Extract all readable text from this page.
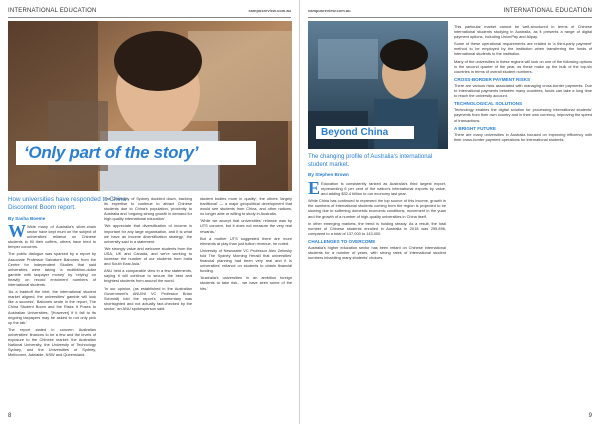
INTERNATIONAL EDUCATION	campusreview.com.au
‘Only part of the story’
How universities have responded to China Discontent Boom report.
By Sasha Boeme

W Wide many of Australia's silver-chain sector have kept mum on the subject of universities' reliance on Chinese students to fill their coffers, others have tried to temper concerns.

The public dialogue was sparked by a report by Associate Professor Salvatore Babones from the Centre for Independent Studies that said universities were taking 'a multibillion-dollar gamble with taxpayer money' by 'relying' on heavily on record enrolment numbers of international students.

'As a tradeoff the intel, the international student market aligned, the universities' gamble will look like a success', Babones wrote in the report, The China Student Boom and the Risks It Poses to Australian Universities. '[However] if it fall to its ongoing taxpayers may be asked to not only pick up the tab.'

The report stated in concern Australian universities' finances to be a few and the levels of exposure to the Chinese market: the Australian National University, the University of Technology Sydney, and the Universities of Sydney, Melbourne, Adelaide, NSW and Queensland.

The University of Sydney doubled down, backing its expertise to continue to attract Chinese students due to China's population, proximity to Australia and 'ongoing strong growth in demand for high quality international education'.

'We appreciate that diversification of income is important for any large organisation, and it is what we have an income diversification strategy,' the university said in a statement.

'We strongly value and welcome students from the USA, UK and Canada, and we're working to increase the number of our students from India and South East Asia.'

ANU held a comparable view in a few statements, saying it will continue to secure the best and brightest students from around the world.

'In our opinion, (as established in the Australian Government's ANU/NI VC Professor Brian Schmidt) told the report's commentary was shortsighted and not actually fact-checked by the sector,' an ANU spokesperson said.

student bodies more in quality', the others 'largely traditional' — a major geopolitical development that would see students from China, and other nations, no longer able or willing to study in Australia.

'While we accept that universities' reliance was by UTS concern, but it does not measure the very real rewards.'

But a mother UTS suggested there are more elements at play than just tuition revenue, he noted.

University of Newcastle VC Professor Alex Zelinsky told The Sydney Morning Herald that universities' financial planning had been very real and it is universities' reliance on students to obtain financial funding.

'Australia's universities in an ambition foreign students to take risk... we have seen some of the hits.'

8
campusreview.com.au	INTERNATIONAL EDUCATION
Beyond China
The changing profile of Australia's international student market.
By Stephen Brown

E Education is consistently ranked as Australia's third largest export, representing 6 per cent of the nation's international exports by value, and adding $32.4 billion to our economy last year.

While China has continued to represent the top source of this income, growth in the numbers of international students coming from the region is projected to be slowing due to softening domestic economic conditions, movement in the yuan and the growth of a number of high-quality universities in China itself.

In other emerging markets, the trend is holding steady. As a result, the total number of Chinese students enrolled in Australia in 2018 was 255,896, compared to a total of 137,000 to 143,000.

CHALLENGES TO OVERCOME

Australia's higher education sector has been reliant on Chinese international students for a number of years, with strong rates of international student numbers inhabiting many students' choices.

This particular market cannot be well-structured in terms of Chinese international students studying in Australia, as it presents a range of digital payment options, including UnionPay and Alipay.

Some of these operational requirements are related to 'a third-party payment' method to be employed by the institution when transferring the funds of international students to the institution.

Many of the universities in these regions will look on one of the following options in the second quarter of the year, as these make up the bulk of the top-six countries in terms of overall student numbers.

CROSS-BORDER PAYMENT RISKS

There are various risks associated with managing cross-border payments. Due to international payments between many countries, funds can take a long time to reach the university account.

TECHNOLOGICAL SOLUTIONS

Technology enables the digital solution for processing international students' payments from their own country and in their own currency, improving the speed of transactions.

A BRIGHT FUTURE

There are many universities in Australia focused on improving efficiency with their cross-border payment operations for international students.

9
